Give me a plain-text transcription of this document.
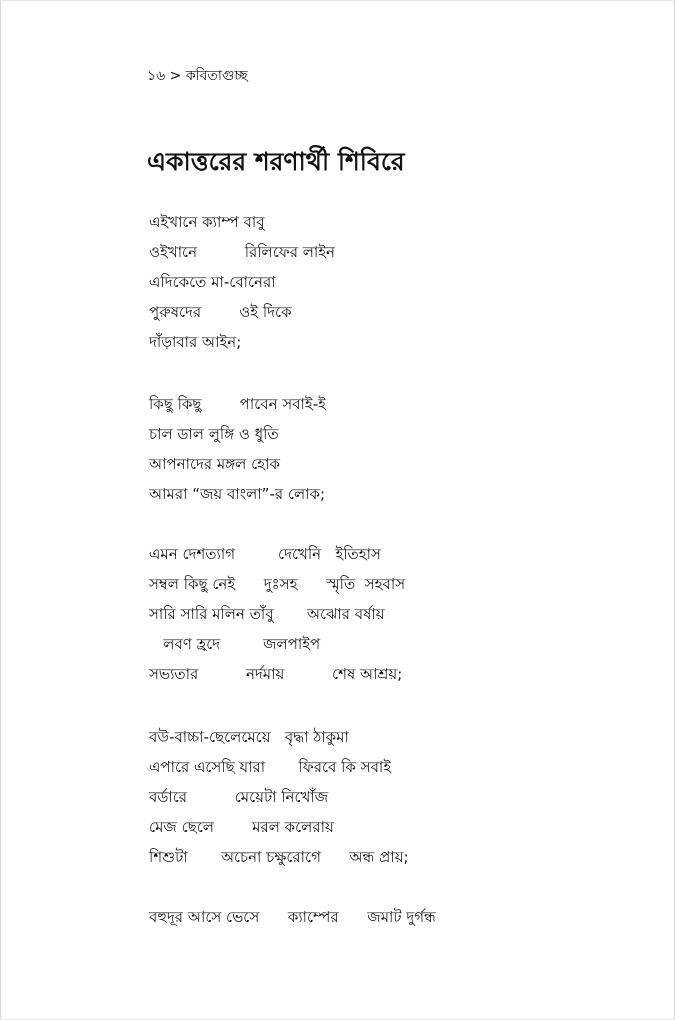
১৬ > কবিতাগুচ্ছ
একাত্তরের শরণার্থী শিবিরে
এইখানে ক্যাম্প বাবু
ওইখানে          রিলিফের লাইন
এদিকেতে মা-বোনেরা
পুরুষদের        ওই দিকে
দাঁড়াবার আইন;
কিছু কিছু        পাবেন সবাই-ই
চাল ডাল লুঙ্গি ও ধুতি
আপনাদের মঙ্গল হোক
আমরা “জয় বাংলা”-র লোক;
এমন দেশত্যাগ         দেখেনি   ইতিহাস
সম্বল কিছু নেই      দুঃসহ      স্মৃতি  সহবাস
সারি সারি মলিন তাঁবু       অঝোর বর্ষায়
লবণ হ্রদে         জলপাইপ
সভ্যতার          নর্দমায়          শেষ আশ্রয়;
বউ-বাচ্চা-ছেলেমেয়ে   বৃদ্ধা ঠাকুমা
এপারে এসেছি যারা       ফিরবে কি সবাই
বর্ডারে          মেয়েটা নিখোঁজ
মেজ ছেলে        মরল কলেরায়
শিশুটা       অচেনা চক্ষুরোগে      অন্ধ প্রায়;
বহুদূর আসে ভেসে      ক্যাম্পের      জমাট দুর্গন্ধ
